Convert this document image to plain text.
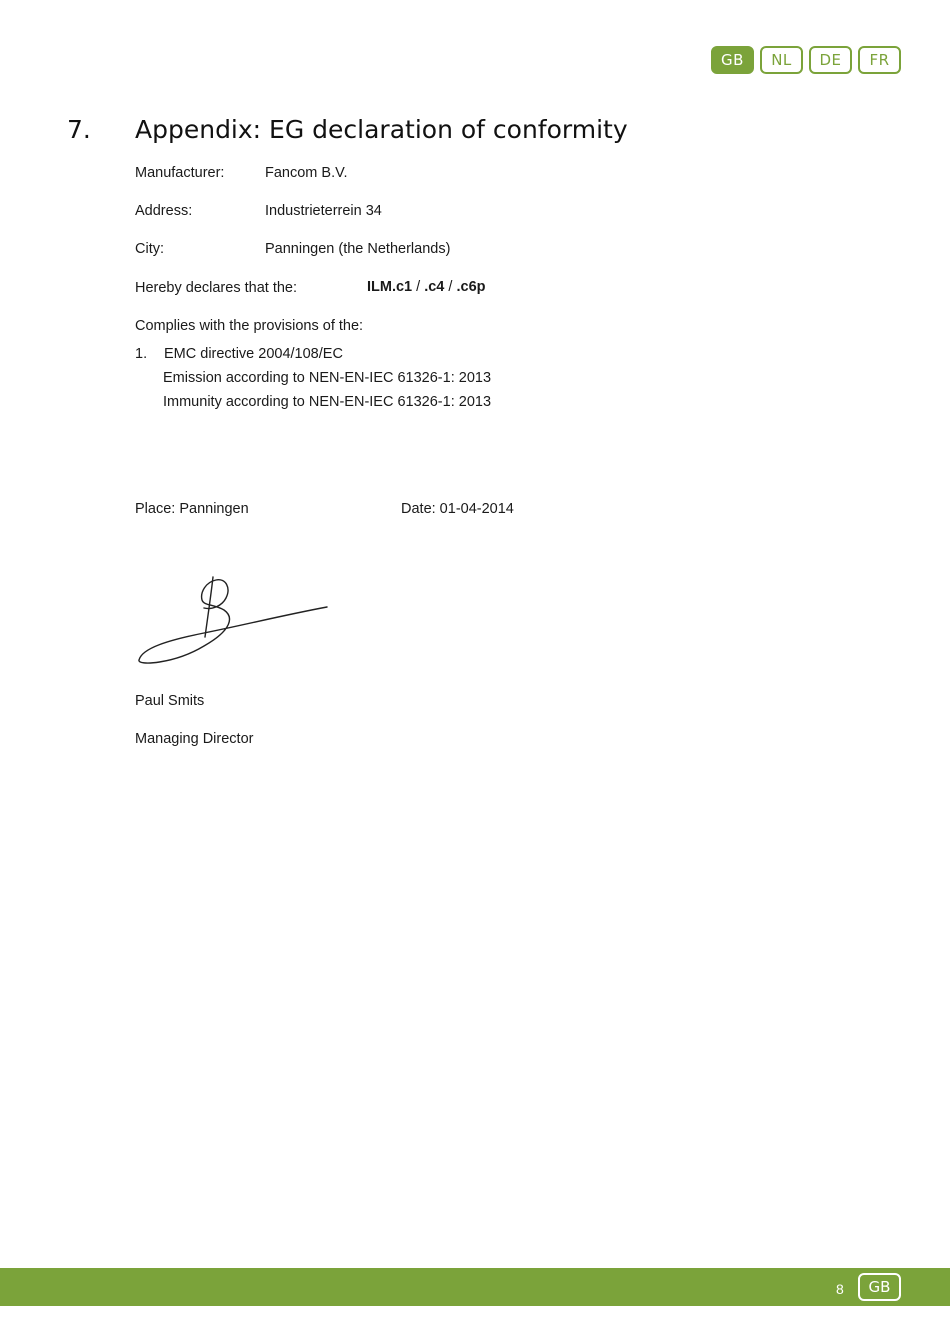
GB	NL	DE	FR
7. Appendix: EG declaration of conformity
Manufacturer:	Fancom B.V.
Address:	Industrieterrein 34
City:	Panningen (the Netherlands)
Hereby declares that the:	ILM.c1 / .c4 / .c6p
Complies with the provisions of the:
1. EMC directive 2004/108/EC
Emission according to NEN-EN-IEC 61326-1: 2013
Immunity according to NEN-EN-IEC 61326-1: 2013
Place: Panningen	Date: 01-04-2014
Paul Smits
Managing Director
8	GB
